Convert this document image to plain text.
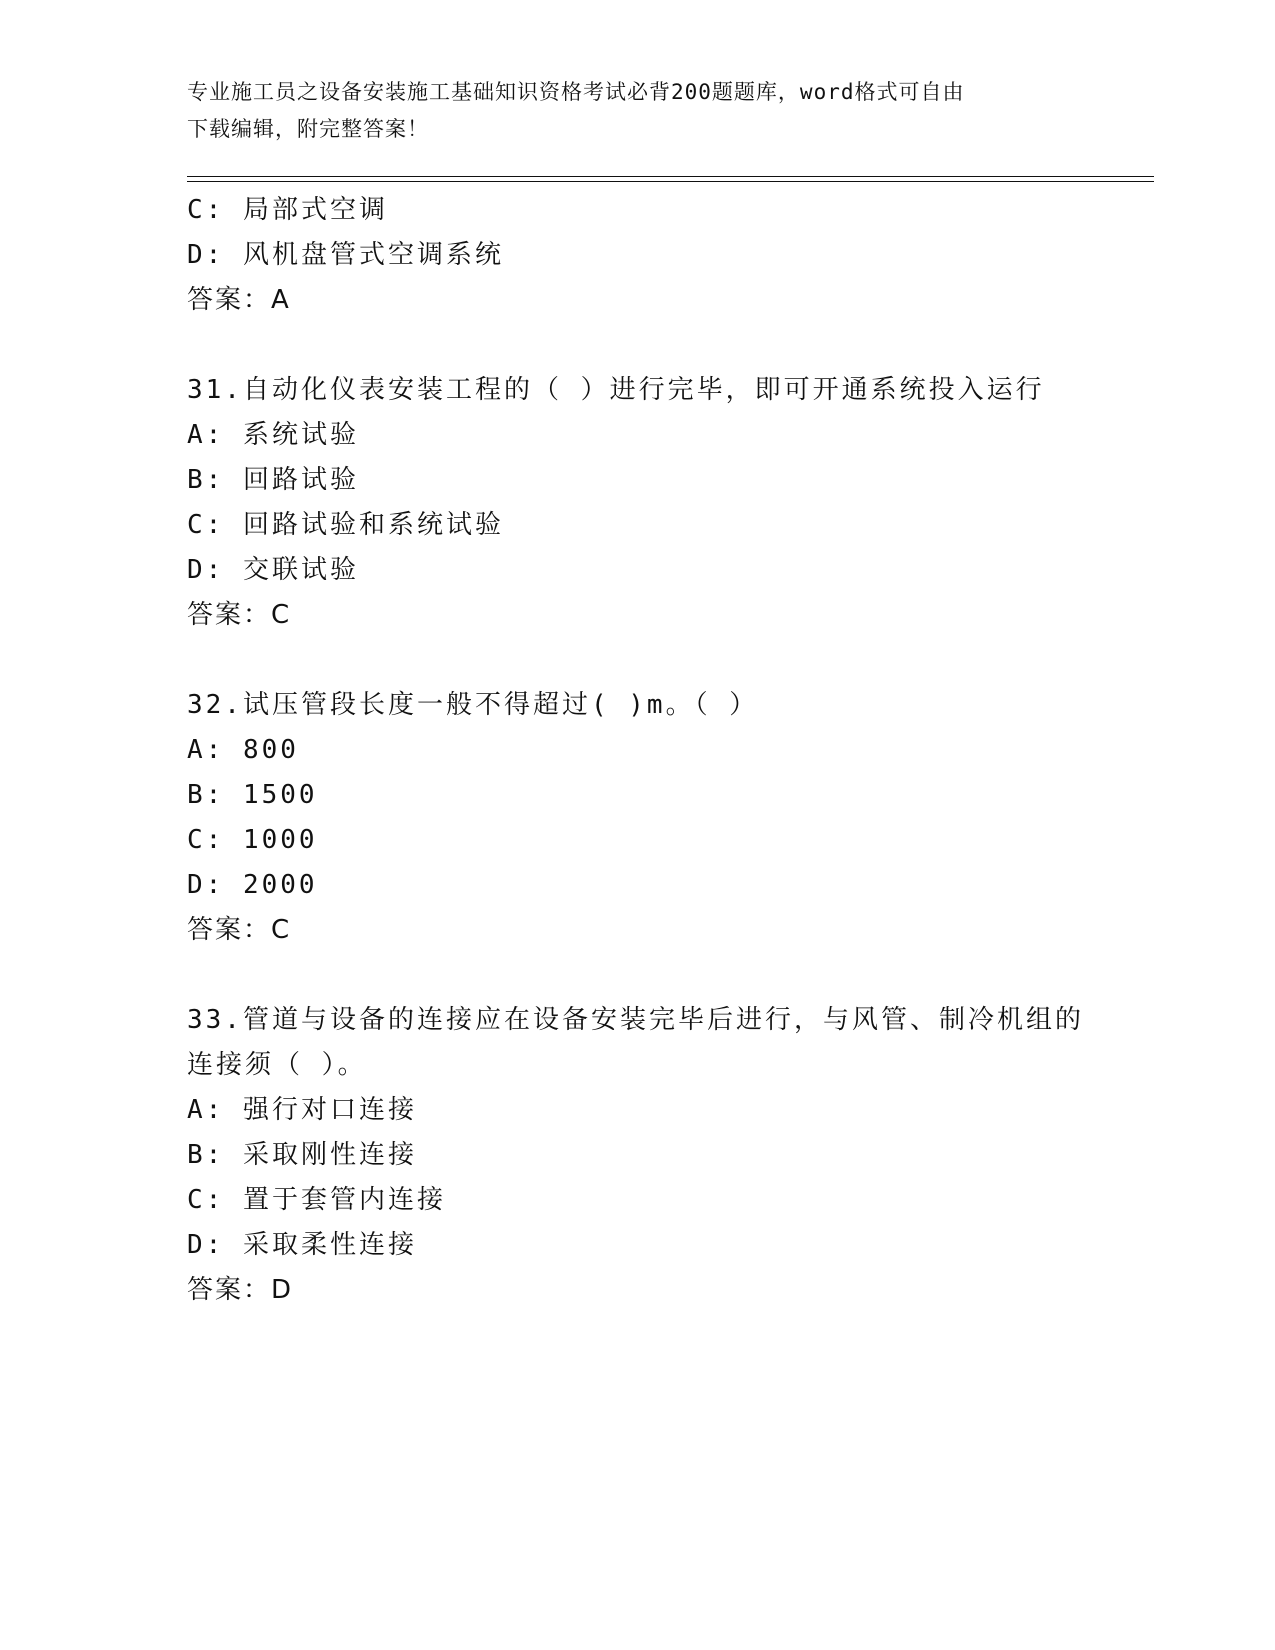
专业施工员之设备安装施工基础知识资格考试必背200题题库，word格式可自由
下载编辑，附完整答案！
C: 局部式空调
D: 风机盘管式空调系统
答案：A
31.自动化仪表安装工程的（ ）进行完毕，即可开通系统投入运行
A: 系统试验
B: 回路试验
C: 回路试验和系统试验
D: 交联试验
答案：C
32.试压管段长度一般不得超过( )m。（ ）
A: 800
B: 1500
C: 1000
D: 2000
答案：C
33.管道与设备的连接应在设备安装完毕后进行，与风管、制冷机组的
连接须（ ）。
A: 强行对口连接
B: 采取刚性连接
C: 置于套管内连接
D: 采取柔性连接
答案：D
